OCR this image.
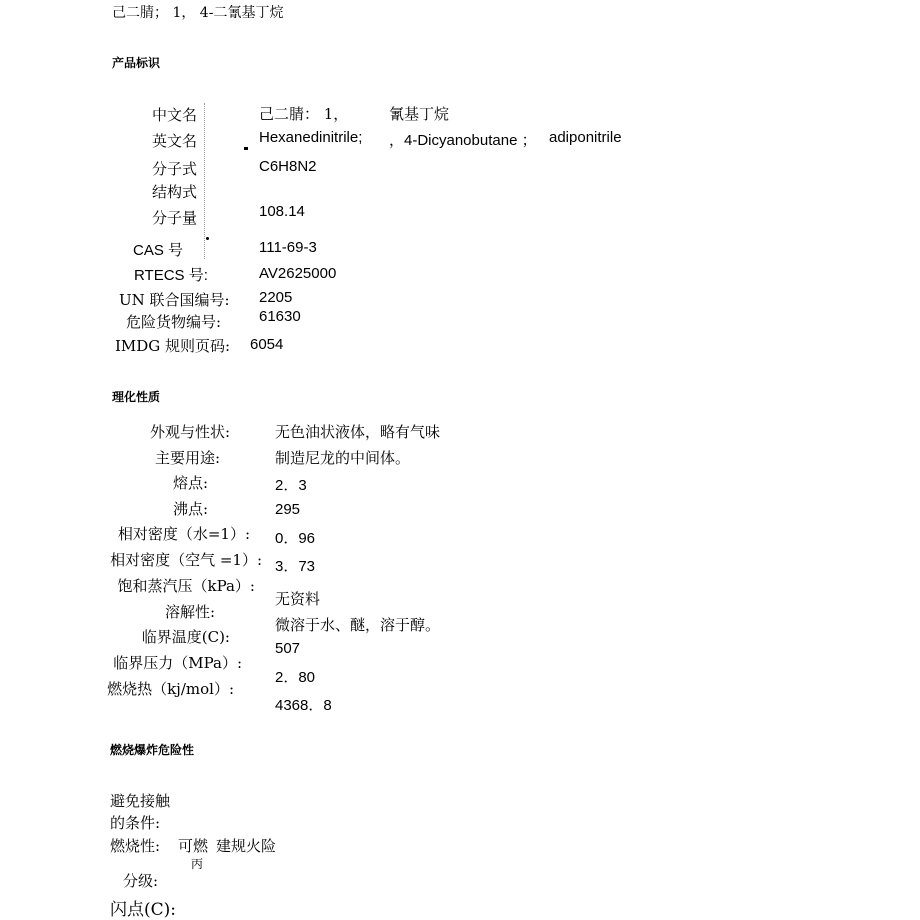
己二腈； 1， 4-二氰基丁烷
产品标识
中文名	己二腈： 1，	氰基丁烷
英文名	Hexanedinitrile; ，4-Dicyanobutane ； adiponitrile
分子式	C6H8N2
结构式
分子量	108.14
CAS 号	111-69-3
RTECS 号:	AV2625000
UN 联合国编号: 2205
危险货物编号:	61630
IMDG 规则页码: 6054
理化性质
外观与性状:	无色油状液体，略有气味
主要用途:	制造尼龙的中间体。
熔点:	2．3
沸点:	295
相对密度（水=1）: 0．96
相对密度（空气 =1）: 3．73
饱和蒸汽压（kPa）:
无资料
溶解性:
微溶于水、醚，溶于醇。
临界温度(C):
507
临界压力（MPa）:
2．80
燃烧热（kj/mol）:
4368．8
燃烧爆炸危险性
避免接触
的条件:
燃烧性: 可燃 建规火险
丙
分级:
闪点(C):
